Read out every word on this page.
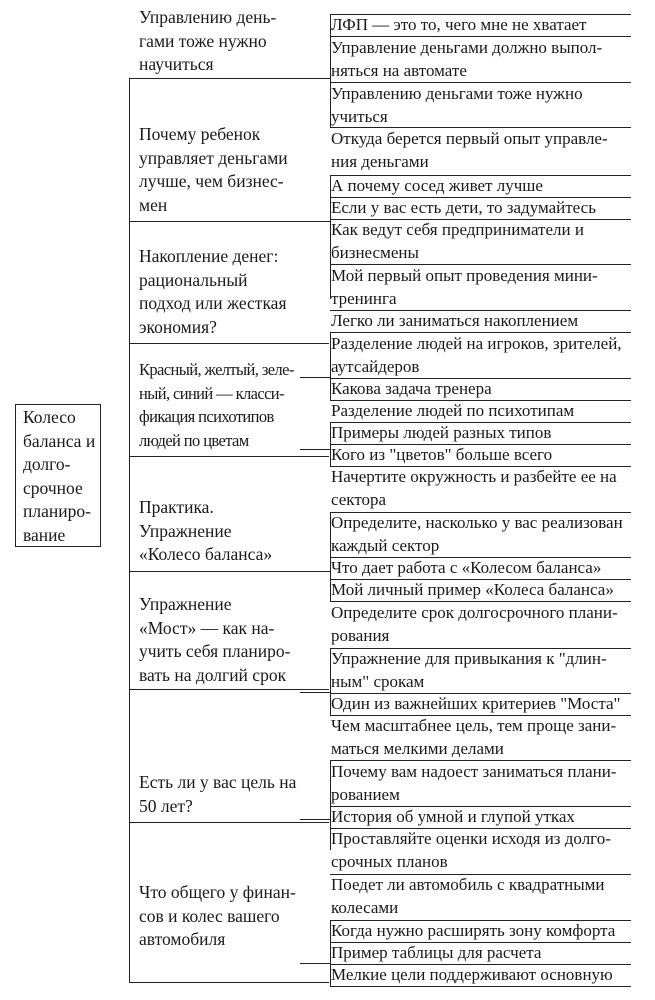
Колесо
баланса и
долго-
срочное
планиро-
вание
Управлению день-
гами тоже нужно
научиться
Почему ребенок
управляет деньгами
лучше, чем бизнес-
мен
Накопление денег:
рациональный
подход или жесткая
экономия?
Красный, желтый, зеле-
ный, синий — класси-
фикация психотипов
людей по цветам
Практика.
Упражнение
«Колесо баланса»
Упражнение
«Мост» — как на-
учить себя планиро-
вать на долгий срок
Есть ли у вас цель на
50 лет?
Что общего у финан-
сов и колес вашего
автомобиля
ЛФП — это то, чего мне не хватает
Управление деньгами должно выпол-
няться на автомате
Управлению деньгами тоже нужно
учиться
Откуда берется первый опыт управле-
ния деньгами
А почему сосед живет лучше
Если у вас есть дети, то задумайтесь
Как ведут себя предприниматели и
бизнесмены
Мой первый опыт проведения мини-
тренинга
Легко ли заниматься накоплением
Разделение людей на игроков, зрителей,
аутсайдеров
Какова задача тренера
Разделение людей по психотипам
Примеры людей разных типов
Кого из "цветов" больше всего
Начертите окружность и разбейте ее на
сектора
Определите, насколько у вас реализован
каждый сектор
Что дает работа с «Колесом баланса»
Мой личный пример «Колеса баланса»
Определите срок долгосрочного плани-
рования
Упражнение для привыкания к "длин-
ным" срокам
Один из важнейших критериев "Моста"
Чем масштабнее цель, тем проще зани-
маться мелкими делами
Почему вам надоест заниматься плани-
рованием
История об умной и глупой утках
Проставляйте оценки исходя из долго-
срочных планов
Поедет ли автомобиль с квадратными
колесами
Когда нужно расширять зону комфорта
Пример таблицы для расчета
Мелкие цели поддерживают основную
